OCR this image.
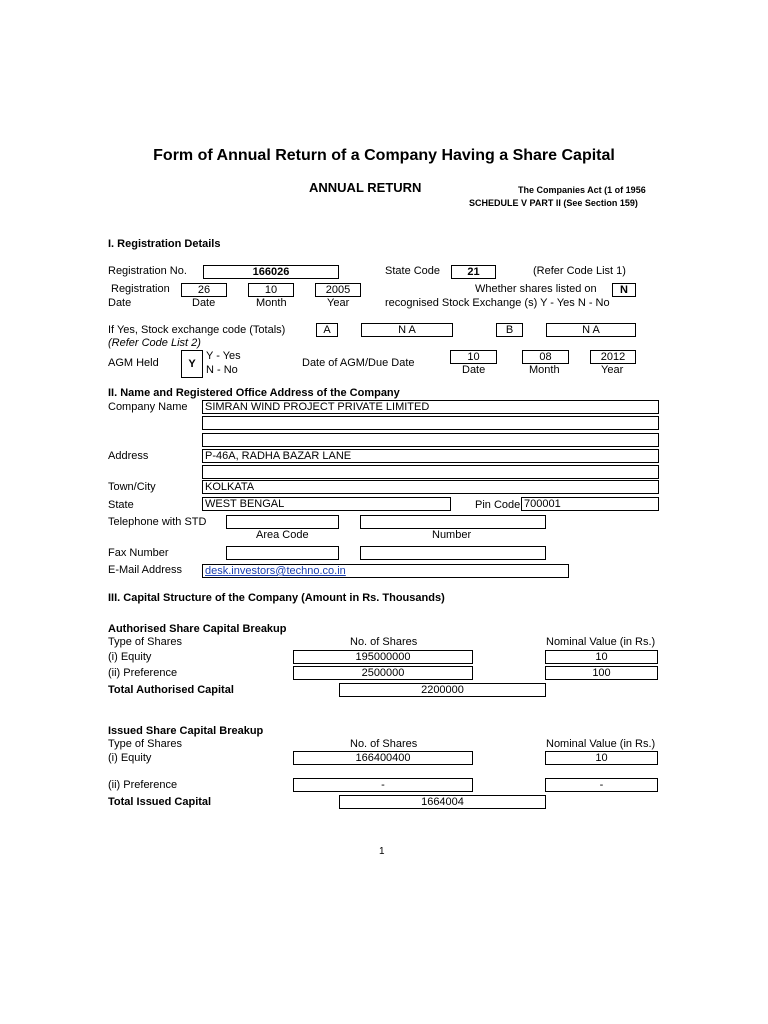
Form of Annual Return of a Company Having a Share Capital
ANNUAL RETURN	The Companies Act (1 of 1956
SCHEDULE V PART II (See Section 159)
I. Registration Details
Registration No.	166026	State Code	21	(Refer Code List 1)
Registration
Date
26	10	2005
Date	Month	Year
Whether shares listed on	N
recognised Stock Exchange (s) Y - Yes N - No
If Yes, Stock exchange code (Totals)
(Refer Code List 2)
A	N A	B	N A
AGM Held	Y
Y - Yes
N - No
Date of AGM/Due Date	10	08	2012
Date	Month	Year
II. Name and Registered Office Address of the Company
Company Name SIMRAN WIND PROJECT PRIVATE LIMITED
Address	P-46A, RADHA BAZAR LANE
Town/City	KOLKATA
State	WEST BENGAL	Pin Code 700001
Telephone with STD
Area Code	Number
Fax Number
E-Mail Address desk.investors@techno.co.in
III. Capital Structure of the Company (Amount in Rs. Thousands)
Authorised Share Capital Breakup
Type of Shares	No. of Shares	Nominal Value (in Rs.)
(i) Equity	195000000	10
(ii) Preference	2500000	100
Total Authorised Capital	2200000
Issued Share Capital Breakup
Type of Shares	No. of Shares	Nominal Value (in Rs.)
(i) Equity	166400400	10
(ii) Preference	-	-
Total Issued Capital	1664004
1
